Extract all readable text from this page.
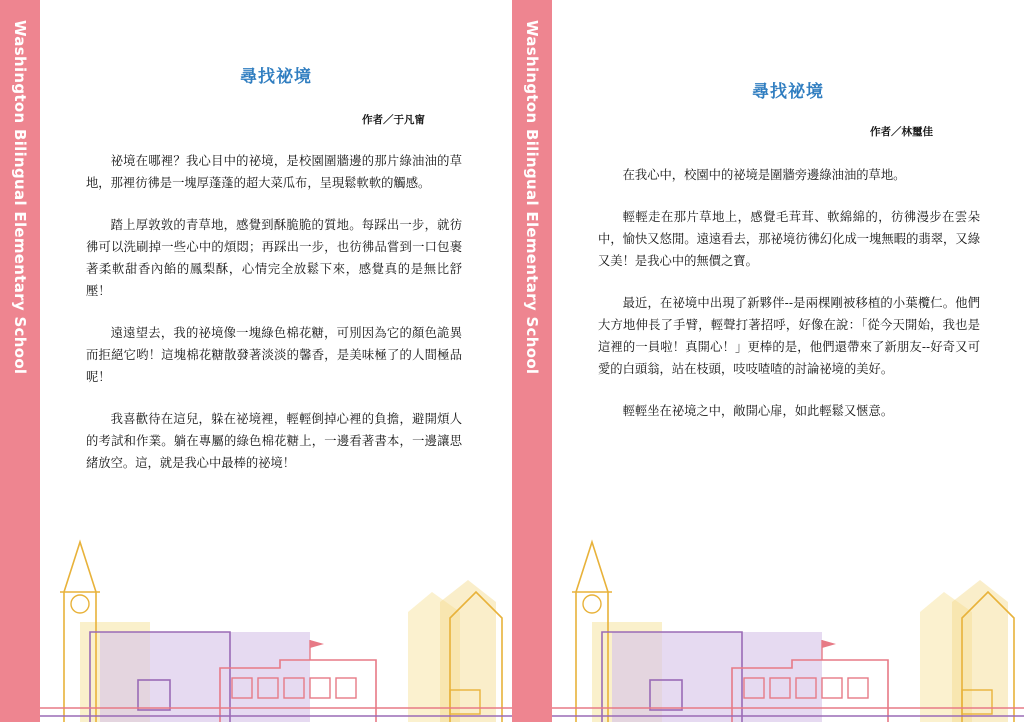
Washington Bilingual Elementary School	尋找祕境
作者／于凡甯

祕境在哪裡？我心目中的祕境，是校園圍牆邊的那片綠油油的草地，那裡彷彿是一塊厚蓬蓬的超大菜瓜布，呈現鬆軟軟的觸感。

踏上厚敦敦的青草地，感覺到酥脆脆的質地。每踩出一步，就彷彿可以洗刷掉一些心中的煩悶；再踩出一步，也彷彿品嘗到一口包裹著柔軟甜香內餡的鳳梨酥，心情完全放鬆下來，感覺真的是無比舒壓！

遠遠望去，我的祕境像一塊綠色棉花糖，可別因為它的顏色詭異而拒絕它哟！這塊棉花糖散發著淡淡的馨香，是美味極了的人間極品呢！

我喜歡待在這兒，躲在祕境裡，輕輕倒掉心裡的負擔，避開煩人的考試和作業。躺在專屬的綠色棉花糖上，一邊看著書本，一邊讓思緒放空。這，就是我心中最棒的祕境！

Washington Bilingual Elementary School	尋找祕境
作者／林璽佳

在我心中，校園中的祕境是圍牆旁邊綠油油的草地。

輕輕走在那片草地上，感覺毛茸茸、軟綿綿的，彷彿漫步在雲朵中，愉快又悠閒。遠遠看去，那祕境彷彿幻化成一塊無暇的翡翠，又綠又美！是我心中的無價之寶。

最近，在祕境中出現了新夥伴--是兩棵剛被移植的小葉欖仁。他們大方地伸長了手臂，輕聲打著招呼，好像在說：「從今天開始，我也是這裡的一員啦！真開心！」更棒的是，他們還帶來了新朋友--好奇又可愛的白頭翁，站在枝頭，吱吱喳喳的討論祕境的美好。

輕輕坐在祕境之中，敞開心扉，如此輕鬆又愜意。
